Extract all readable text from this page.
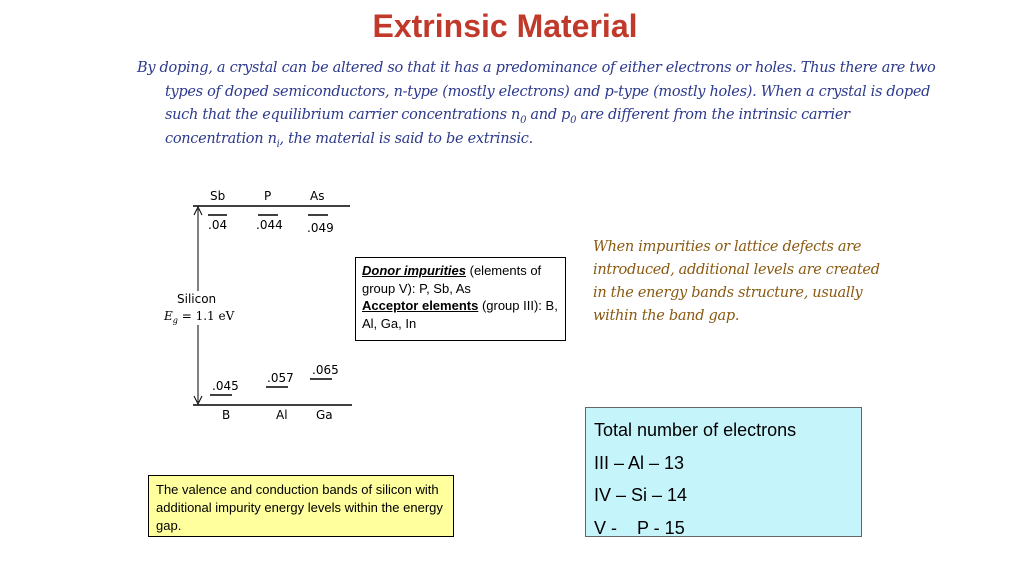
Extrinsic Material
By doping, a crystal can be altered so that it has a predominance of either electrons or holes. Thus there are two
types of doped semiconductors, n-type (mostly electrons) and p-type (mostly holes). When a crystal is doped
such that the equilibrium carrier concentrations $n_0$ and $p_0$ are different from the intrinsic carrier
concentration $n_i$, the material is said to be extrinsic.
Sb	P	As
.04 .044 .049
Silicon
$E_g = 1.1$ eV
.045
.057
.065
B	Al Ga
Donor impurities (elements of group V): P, Sb, As
Acceptor elements (group III): B, Al, Ga, In
When impurities or lattice defects are introduced, additional levels are created in the energy bands structure, usually within the band gap.
The valence and conduction bands of silicon with additional impurity energy levels within the energy gap.
Total number of electrons
III – Al – 13
IV – Si – 14
V -    P - 15
